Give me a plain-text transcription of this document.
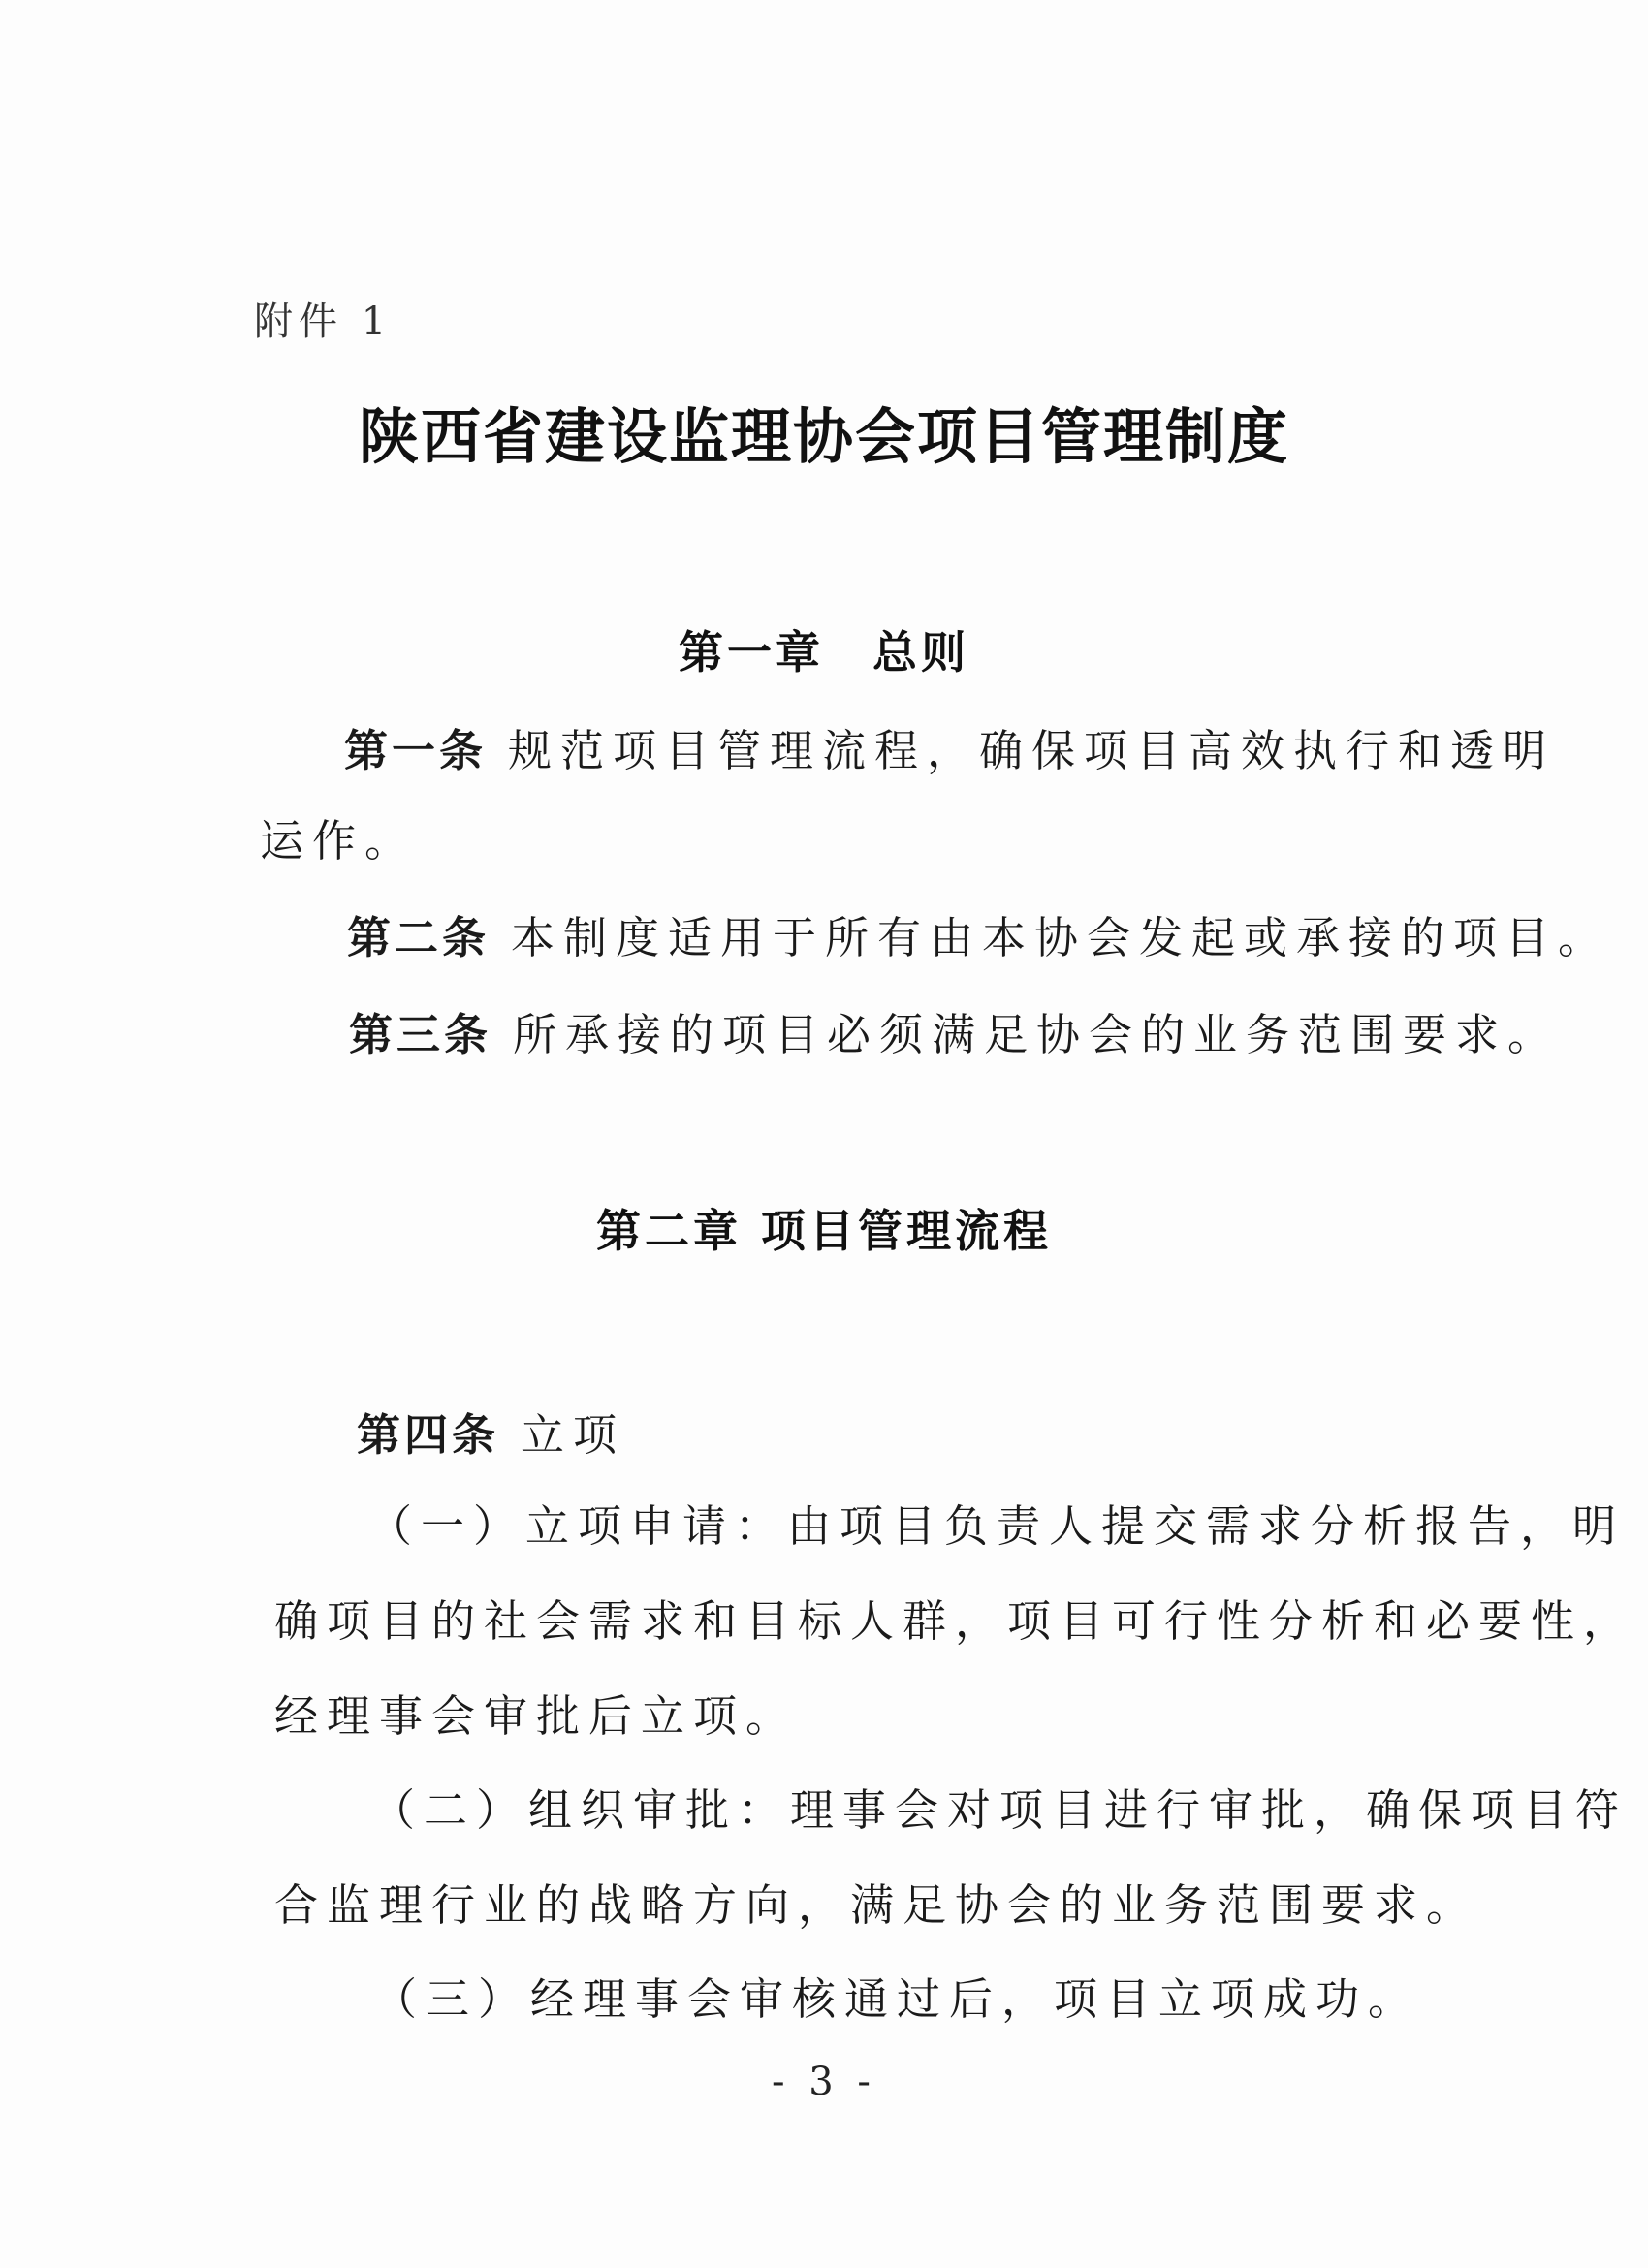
附件 1
陕西省建设监理协会项目管理制度
第一章　总则
第一条 规范项目管理流程，确保项目高效执行和透明
运作。
第二条 本制度适用于所有由本协会发起或承接的项目。
第三条 所承接的项目必须满足协会的业务范围要求。
第二章 项目管理流程
第四条 立项
（一）立项申请：由项目负责人提交需求分析报告，明
确项目的社会需求和目标人群，项目可行性分析和必要性，
经理事会审批后立项。
（二）组织审批：理事会对项目进行审批，确保项目符
合监理行业的战略方向，满足协会的业务范围要求。
（三）经理事会审核通过后，项目立项成功。
- 3 -
